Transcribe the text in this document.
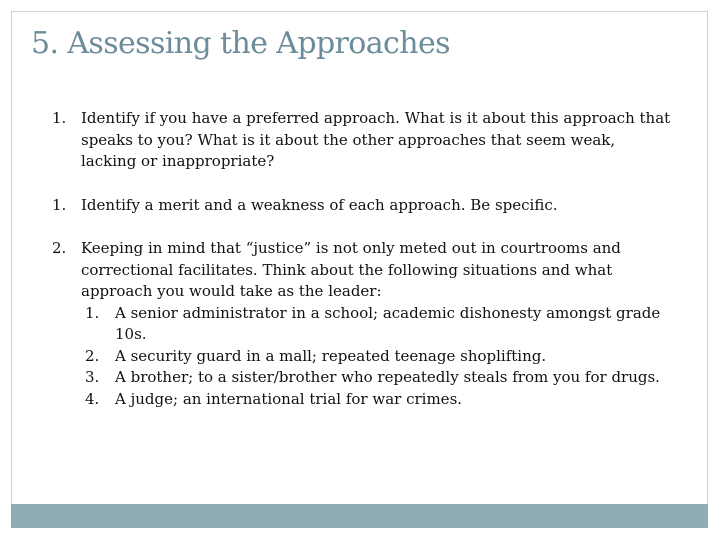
5. Assessing the Approaches
1. Identify if you have a preferred approach. What is it about this approach that speaks to you? What is it about the other approaches that seem weak, lacking or inappropriate?
1. Identify a merit and a weakness of each approach. Be specific.
2. Keeping in mind that “justice” is not only meted out in courtrooms and correctional facilitates. Think about the following situations and what approach you would take as the leader:
1. A senior administrator in a school; academic dishonesty amongst grade 10s.
2. A security guard in a mall; repeated teenage shoplifting.
3. A brother; to a sister/brother who repeatedly steals from you for drugs.
4. A judge; an international trial for war crimes.
